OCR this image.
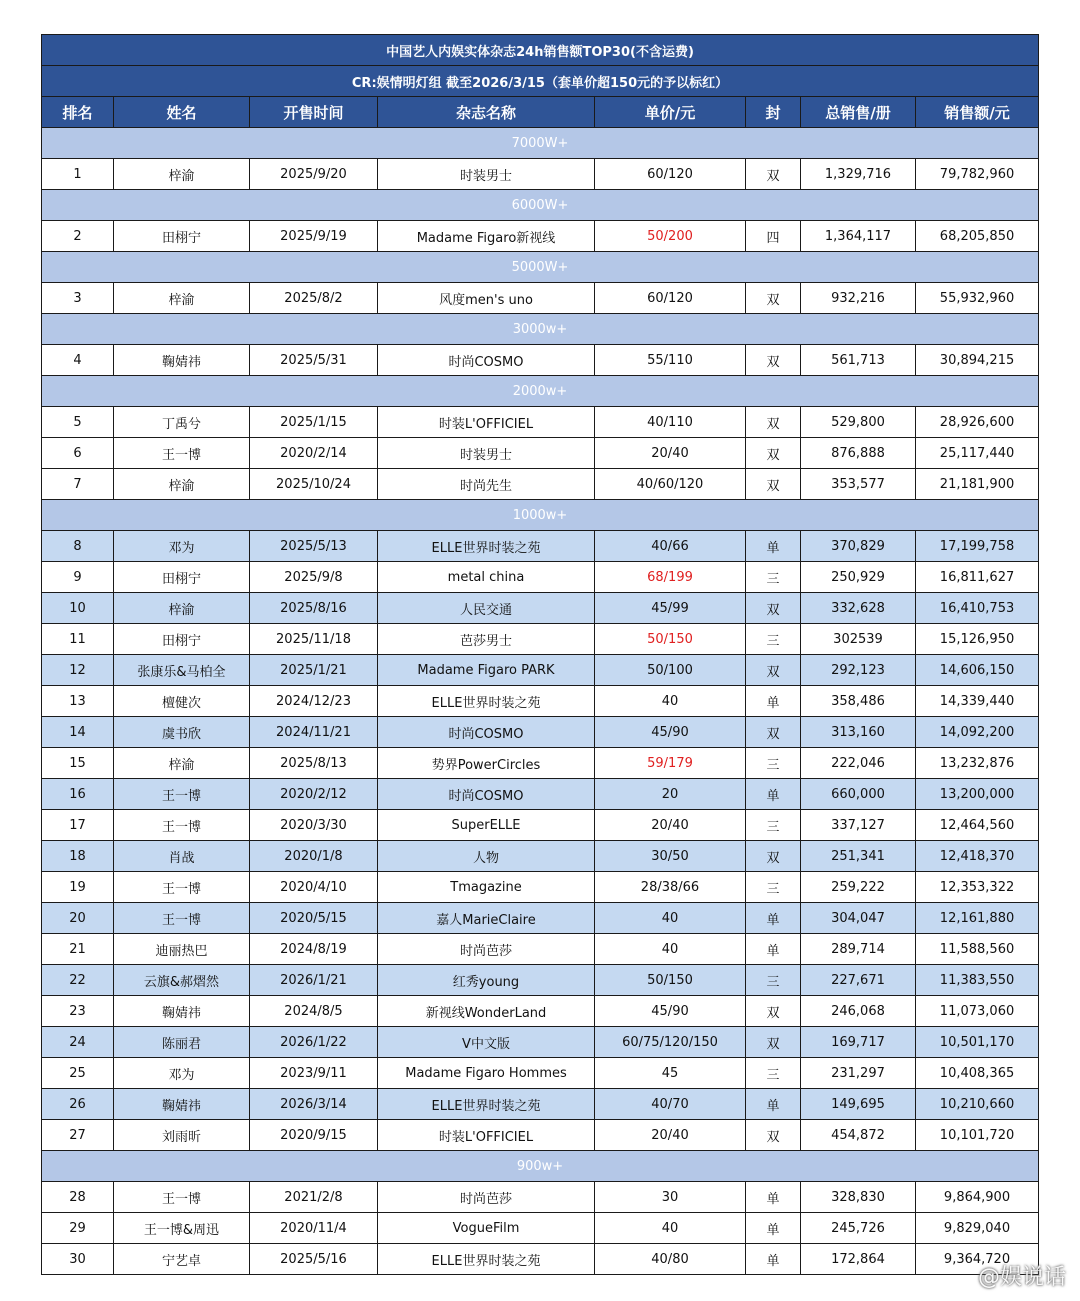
中国艺人内娱实体杂志24h销售额TOP30(不含运费)							
CR:娱情明灯组 截至2026/3/15（套单价超150元的予以标红）							
排名	姓名	开售时间	杂志名称	单价/元	封	总销售/册	销售额/元
7000W+							
1	梓渝	2025/9/20	时装男士	60/120	双	1,329,716	79,782,960
6000W+							
2	田栩宁	2025/9/19	Madame Figaro新视线	50/200	四	1,364,117	68,205,850
5000W+							
3	梓渝	2025/8/2	风度men's uno	60/120	双	932,216	55,932,960
3000w+							
4	鞠婧祎	2025/5/31	时尚COSMO	55/110	双	561,713	30,894,215
2000w+							
5	丁禹兮	2025/1/15	时装L'OFFICIEL	40/110	双	529,800	28,926,600
6	王一博	2020/2/14	时装男士	20/40	双	876,888	25,117,440
7	梓渝	2025/10/24	时尚先生	40/60/120	双	353,577	21,181,900
1000w+							
8	邓为	2025/5/13	ELLE世界时装之苑	40/66	单	370,829	17,199,758
9	田栩宁	2025/9/8	metal china	68/199	三	250,929	16,811,627
10	梓渝	2025/8/16	人民交通	45/99	双	332,628	16,410,753
11	田栩宁	2025/11/18	芭莎男士	50/150	三	302539	15,126,950
12	张康乐&马柏全	2025/1/21	Madame Figaro PARK	50/100	双	292,123	14,606,150
13	檀健次	2024/12/23	ELLE世界时装之苑	40	单	358,486	14,339,440
14	虞书欣	2024/11/21	时尚COSMO	45/90	双	313,160	14,092,200
15	梓渝	2025/8/13	势界PowerCircles	59/179	三	222,046	13,232,876
16	王一博	2020/2/12	时尚COSMO	20	单	660,000	13,200,000
17	王一博	2020/3/30	SuperELLE	20/40	三	337,127	12,464,560
18	肖战	2020/1/8	人物	30/50	双	251,341	12,418,370
19	王一博	2020/4/10	Tmagazine	28/38/66	三	259,222	12,353,322
20	王一博	2020/5/15	嘉人MarieClaire	40	单	304,047	12,161,880
21	迪丽热巴	2024/8/19	时尚芭莎	40	单	289,714	11,588,560
22	云旗&郝熠然	2026/1/21	红秀young	50/150	三	227,671	11,383,550
23	鞠婧祎	2024/8/5	新视线WonderLand	45/90	双	246,068	11,073,060
24	陈丽君	2026/1/22	V中文版	60/75/120/150	双	169,717	10,501,170
25	邓为	2023/9/11	Madame Figaro Hommes	45	三	231,297	10,408,365
26	鞠婧祎	2026/3/14	ELLE世界时装之苑	40/70	单	149,695	10,210,660
27	刘雨昕	2020/9/15	时装L'OFFICIEL	20/40	双	454,872	10,101,720
900w+							
28	王一博	2021/2/8	时尚芭莎	30	单	328,830	9,864,900
29	王一博&周迅	2020/11/4	VogueFilm	40	单	245,726	9,829,040
30	宁艺卓	2025/5/16	ELLE世界时装之苑	40/80	单	172,864	9,364,720
@娱说话
